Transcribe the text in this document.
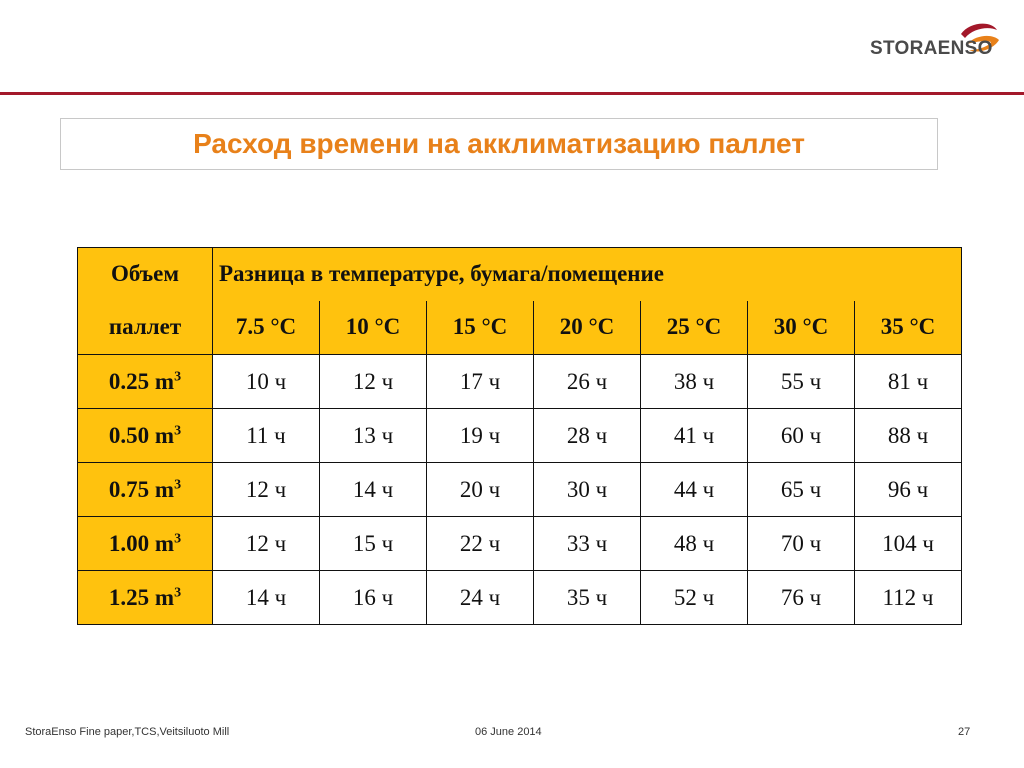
STORAENSO
Расход времени на акклиматизацию паллет
Объем	Разница в температуре, бумага/помещение						
паллет	7.5 °C	10 °C	15 °C	20 °C	25 °C	30 °C	35 °C
0.25 $m^3$	10 ч	12 ч	17 ч	26 ч	38 ч	55 ч	81 ч
0.50 $m^3$	11 ч	13 ч	19 ч	28 ч	41 ч	60 ч	88 ч
0.75 $m^3$	12 ч	14 ч	20 ч	30 ч	44 ч	65 ч	96 ч
1.00 $m^3$	12 ч	15 ч	22 ч	33 ч	48 ч	70 ч	104 ч
1.25 $m^3$	14 ч	16 ч	24 ч	35 ч	52 ч	76 ч	112 ч
StoraEnso Fine paper,TCS,Veitsiluoto Mill	06 June 2014	27
